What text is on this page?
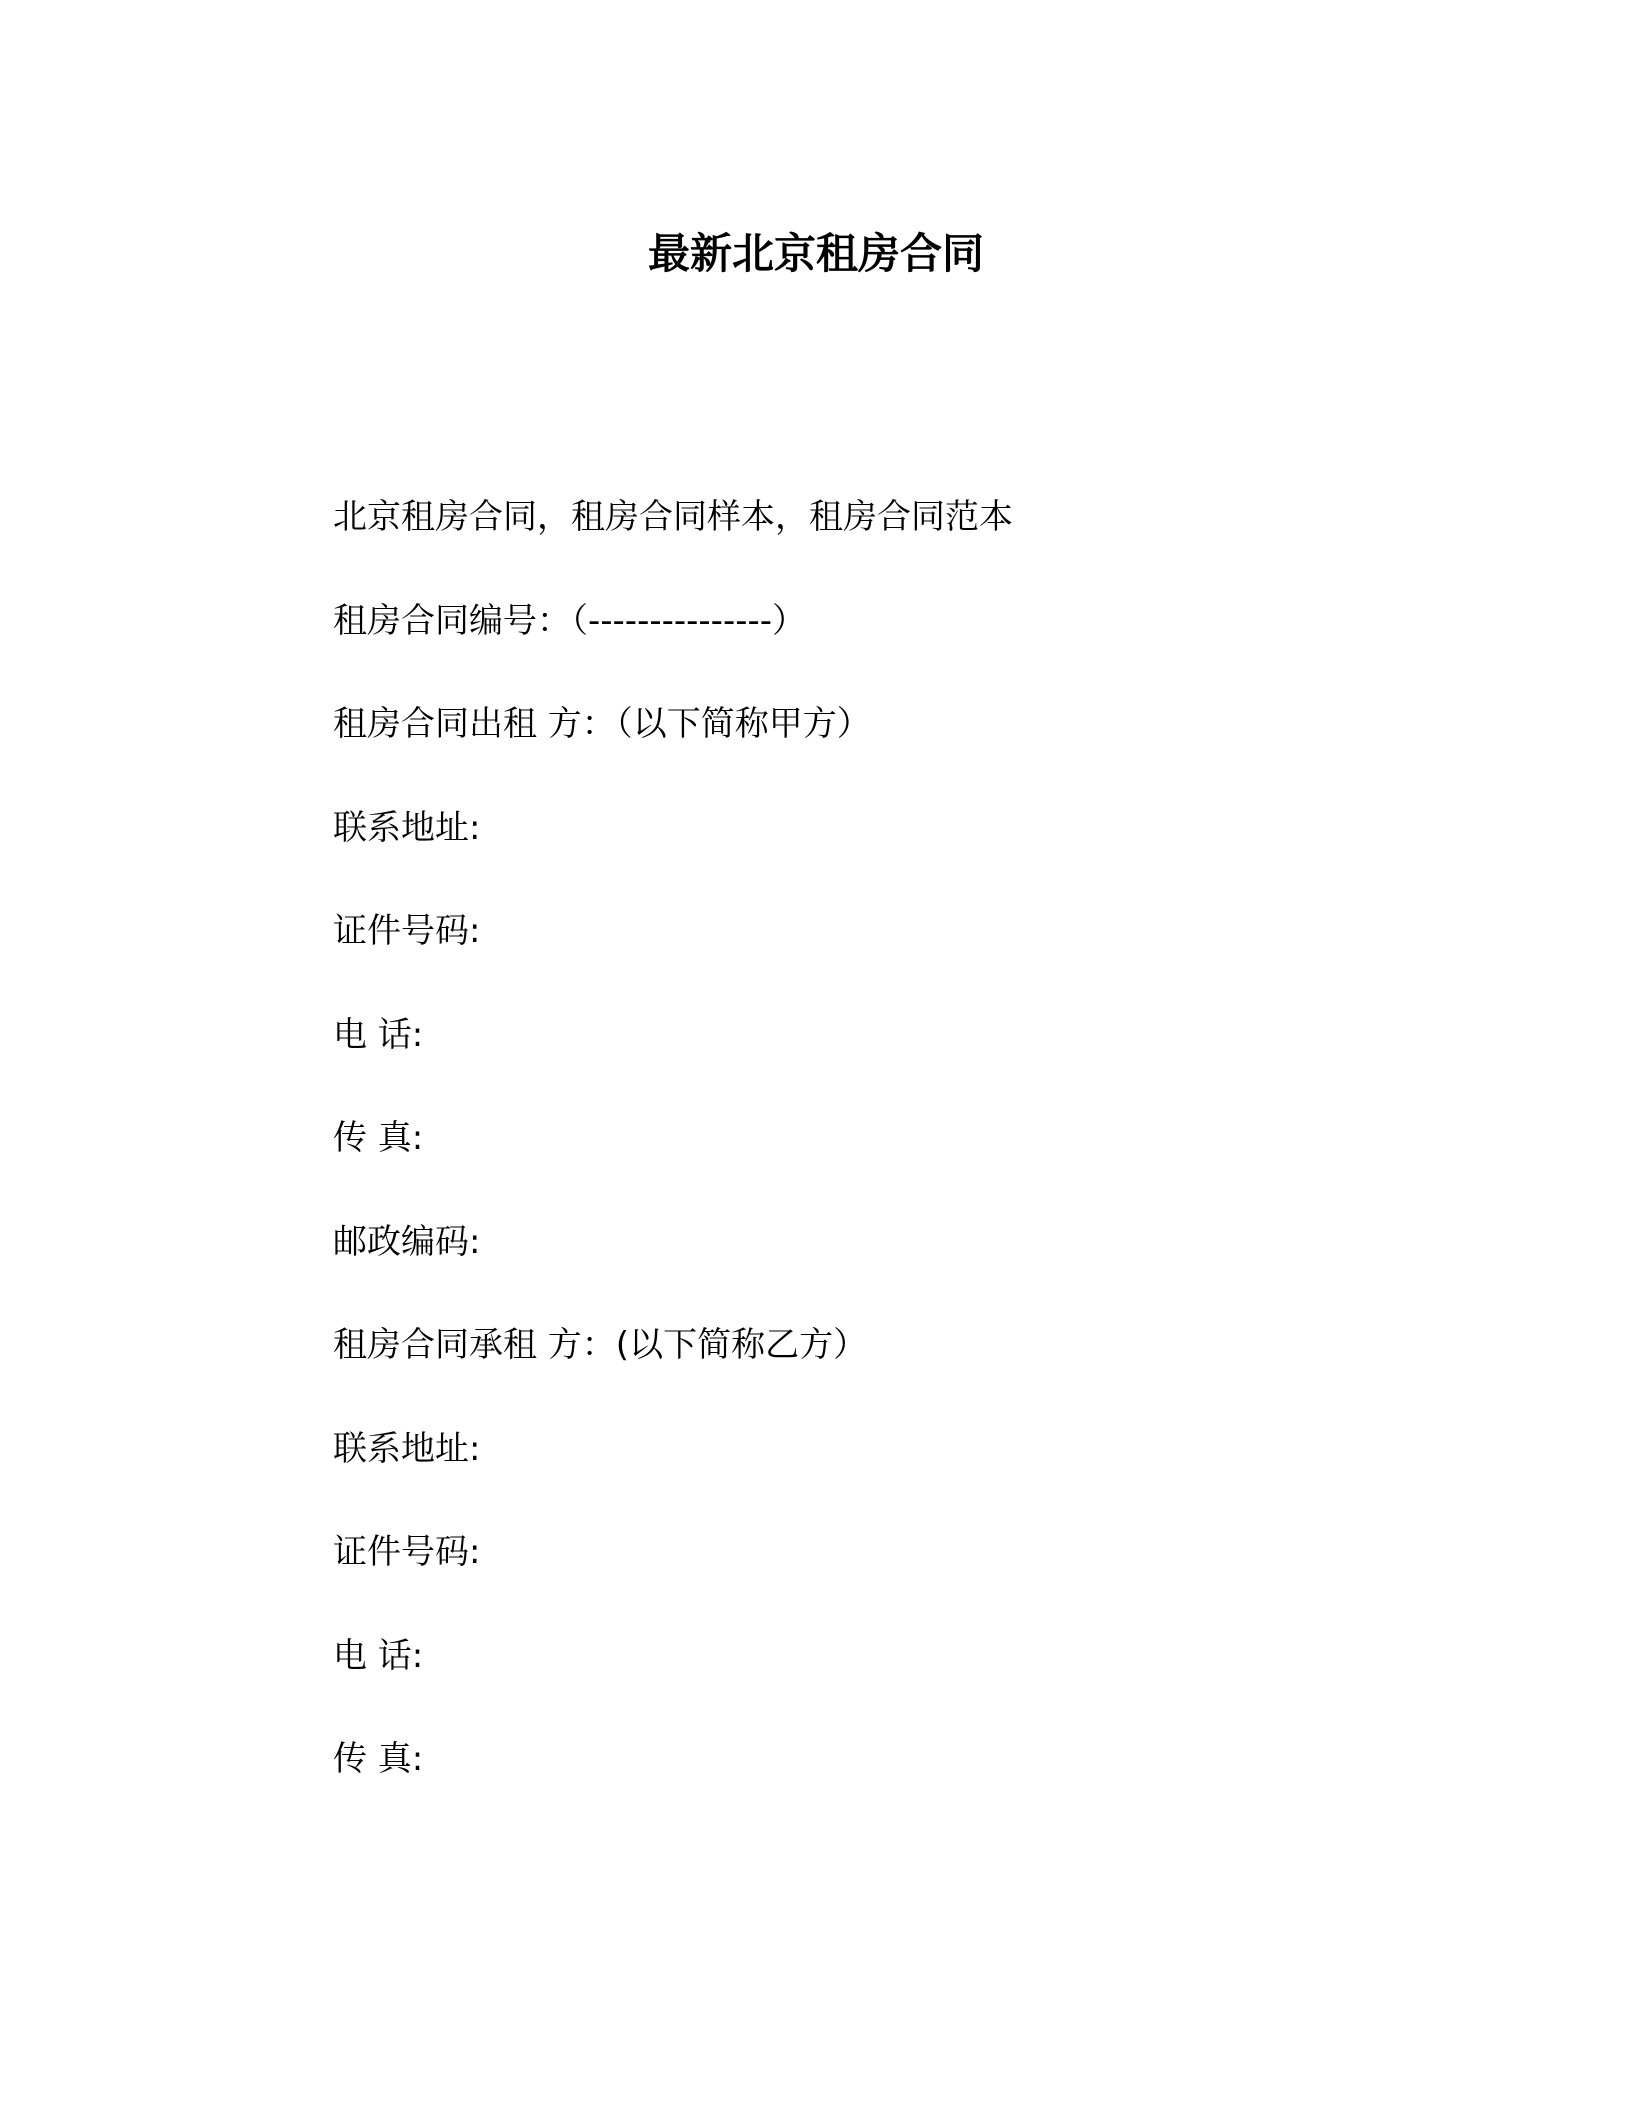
最新北京租房合同
北京租房合同，租房合同样本，租房合同范本
租房合同编号：（---------------）
租房合同出租 方：（以下简称甲方）
联系地址:
证件号码:
电 话:
传 真:
邮政编码:
租房合同承租 方：(以下简称乙方）
联系地址:
证件号码:
电 话:
传 真:
